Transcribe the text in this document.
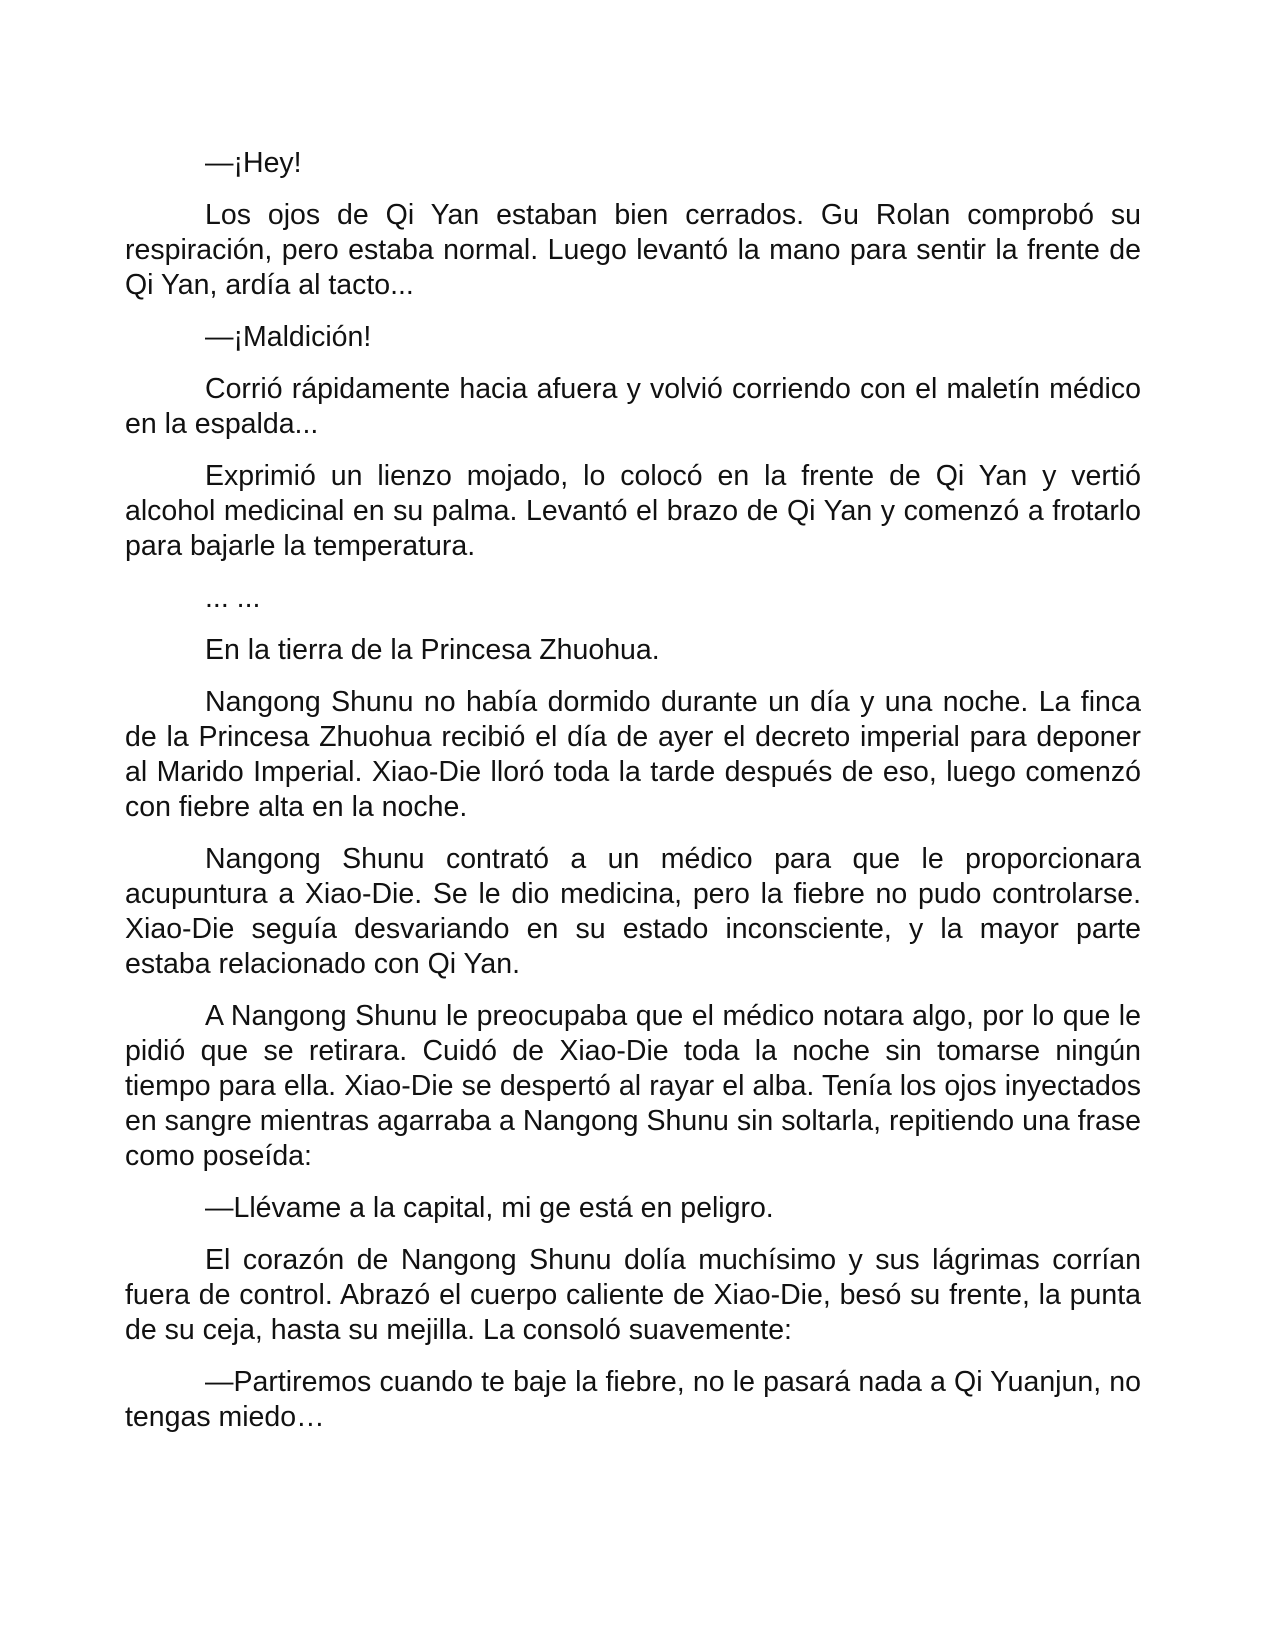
—¡Hey!

Los ojos de Qi Yan estaban bien cerrados. Gu Rolan comprobó su respiración, pero estaba normal. Luego levantó la mano para sentir la frente de Qi Yan, ardía al tacto...

—¡Maldición!

Corrió rápidamente hacia afuera y volvió corriendo con el maletín médico en la espalda...

Exprimió un lienzo mojado, lo colocó en la frente de Qi Yan y vertió alcohol medicinal en su palma. Levantó el brazo de Qi Yan y comenzó a frotarlo para bajarle la temperatura.

... ...

En la tierra de la Princesa Zhuohua.

Nangong Shunu no había dormido durante un día y una noche. La finca de la Princesa Zhuohua recibió el día de ayer el decreto imperial para deponer al Marido Imperial. Xiao-Die lloró toda la tarde después de eso, luego comenzó con fiebre alta en la noche.

Nangong Shunu contrató a un médico para que le proporcionara acupuntura a Xiao-Die. Se le dio medicina, pero la fiebre no pudo controlarse. Xiao-Die seguía desvariando en su estado inconsciente, y la mayor parte estaba relacionado con Qi Yan.

A Nangong Shunu le preocupaba que el médico notara algo, por lo que le pidió que se retirara. Cuidó de Xiao-Die toda la noche sin tomarse ningún tiempo para ella. Xiao-Die se despertó al rayar el alba. Tenía los ojos inyectados en sangre mientras agarraba a Nangong Shunu sin soltarla, repitiendo una frase como poseída:

—Llévame a la capital, mi ge está en peligro.

El corazón de Nangong Shunu dolía muchísimo y sus lágrimas corrían fuera de control. Abrazó el cuerpo caliente de Xiao-Die, besó su frente, la punta de su ceja, hasta su mejilla. La consoló suavemente:

—Partiremos cuando te baje la fiebre, no le pasará nada a Qi Yuanjun, no tengas miedo…
